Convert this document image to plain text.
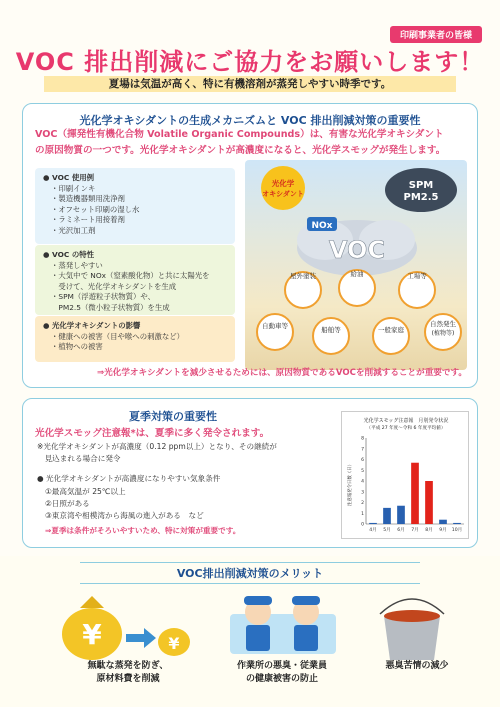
印刷事業者の皆様
VOC 排出削減にご協力をお願いします！
夏場は気温が高く、特に有機溶剤が蒸発しやすい時季です。
光化学オキシダントの生成メカニズムと VOC 排出削減対策の重要性
VOC（揮発性有機化合物 Volatile Organic Compounds）は、有害な光化学オキシダント
の原因物質の一つです。光化学オキシダントが高濃度になると、光化学スモッグが発生します。
● VOC 使用例
・印刷インキ
・製造機器類用洗浄剤
・オフセット印刷の湿し水
・ラミネート用接着剤
・光沢加工剤
● VOC の特性
・蒸発しやすい
・大気中で NOx（窒素酸化物）と共に太陽光を
　受けて、光化学オキシダントを生成
・SPM（浮遊粒子状物質）や、
　PM2.5（微小粒子状物質）を生成
● 光化学オキシダントの影響
・健康への被害（目や喉への刺激など）
・植物への被害
光化学
オキシダント
SPM
PM2.5
VOC
NOx
屋外塗装	給油	工場等
自動車等	船舶等	一般家庭
自然発生
(植物等)
⇒光化学オキシダントを減少させるためには、原因物質であるVOCを削減することが重要です。
夏季対策の重要性
光化学スモッグ注意報*は、夏季に多く発令されます。
※光化学オキシダントが高濃度（0.12 ppm以上）となり、その継続が
　見込まれる場合に発令
● 光化学オキシダントが高濃度になりやすい気象条件
①最高気温が 25℃以上
②日照がある
③東京湾や相模湾から海風の進入がある　など
⇒夏季は条件がそろいやすいため、特に対策が重要です。
光化学スモッグ注意報　月別発令状況
（平成 27 年度～令和 6 年度平均値）
注意報発令日数（日）
0
1
2
3
4
5
6
7
8
4月 5月 6月 7月 8月 9月 10月
VOC排出削減対策のメリット
¥	¥
無駄な蒸発を防ぎ、
原材料費を削減
作業所の悪臭・従業員
の健康被害の防止
悪臭苦情の減少
